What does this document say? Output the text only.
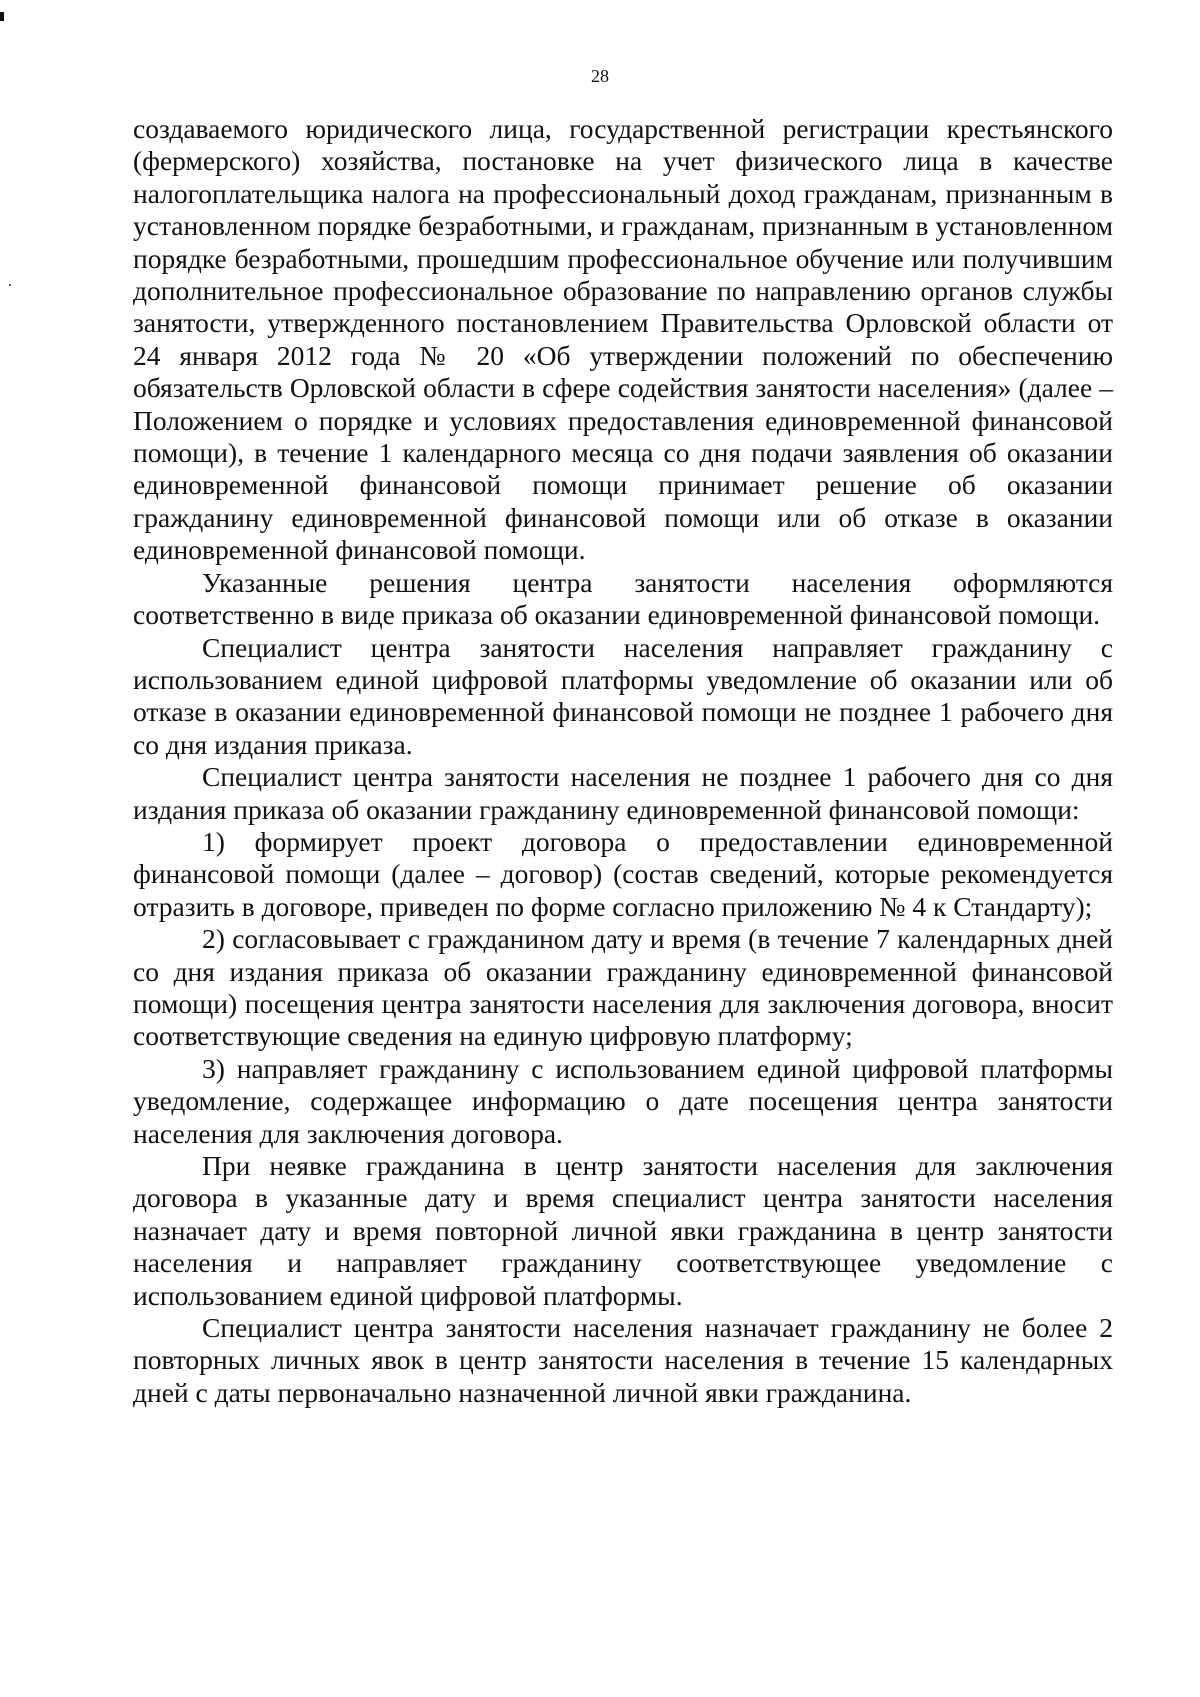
28

создаваемого юридического лица, государственной регистрации крестьянского (фермерского) хозяйства, постановке на учет физического лица в качестве налогоплательщика налога на профессиональный доход гражданам, признанным в установленном порядке безработными, и гражданам, признанным в установленном порядке безработными, прошедшим профессиональное обучение или получившим дополнительное профессиональное образование по направлению органов службы занятости, утвержденного постановлением Правительства Орловской области от 24 января 2012 года № 20 «Об утверждении положений по обеспечению обязательств Орловской области в сфере содействия занятости населения» (далее – Положением о порядке и условиях предоставления единовременной финансовой помощи), в течение 1 календарного месяца со дня подачи заявления об оказании единовременной финансовой помощи принимает решение об оказании гражданину единовременной финансовой помощи или об отказе в оказании единовременной финансовой помощи.

Указанные решения центра занятости населения оформляются соответственно в виде приказа об оказании единовременной финансовой помощи.

Специалист центра занятости населения направляет гражданину с использованием единой цифровой платформы уведомление об оказании или об отказе в оказании единовременной финансовой помощи не позднее 1 рабочего дня со дня издания приказа.

Специалист центра занятости населения не позднее 1 рабочего дня со дня издания приказа об оказании гражданину единовременной финансовой помощи:

1) формирует проект договора о предоставлении единовременной финансовой помощи (далее – договор) (состав сведений, которые рекомендуется отразить в договоре, приведен по форме согласно приложению № 4 к Стандарту);

2) согласовывает с гражданином дату и время (в течение 7 календарных дней со дня издания приказа об оказании гражданину единовременной финансовой помощи) посещения центра занятости населения для заключения договора, вносит соответствующие сведения на единую цифровую платформу;

3) направляет гражданину с использованием единой цифровой платформы уведомление, содержащее информацию о дате посещения центра занятости населения для заключения договора.

При неявке гражданина в центр занятости населения для заключения договора в указанные дату и время специалист центра занятости населения назначает дату и время повторной личной явки гражданина в центр занятости населения и направляет гражданину соответствующее уведомление с использованием единой цифровой платформы.

Специалист центра занятости населения назначает гражданину не более 2 повторных личных явок в центр занятости населения в течение 15 календарных дней с даты первоначально назначенной личной явки гражданина.
